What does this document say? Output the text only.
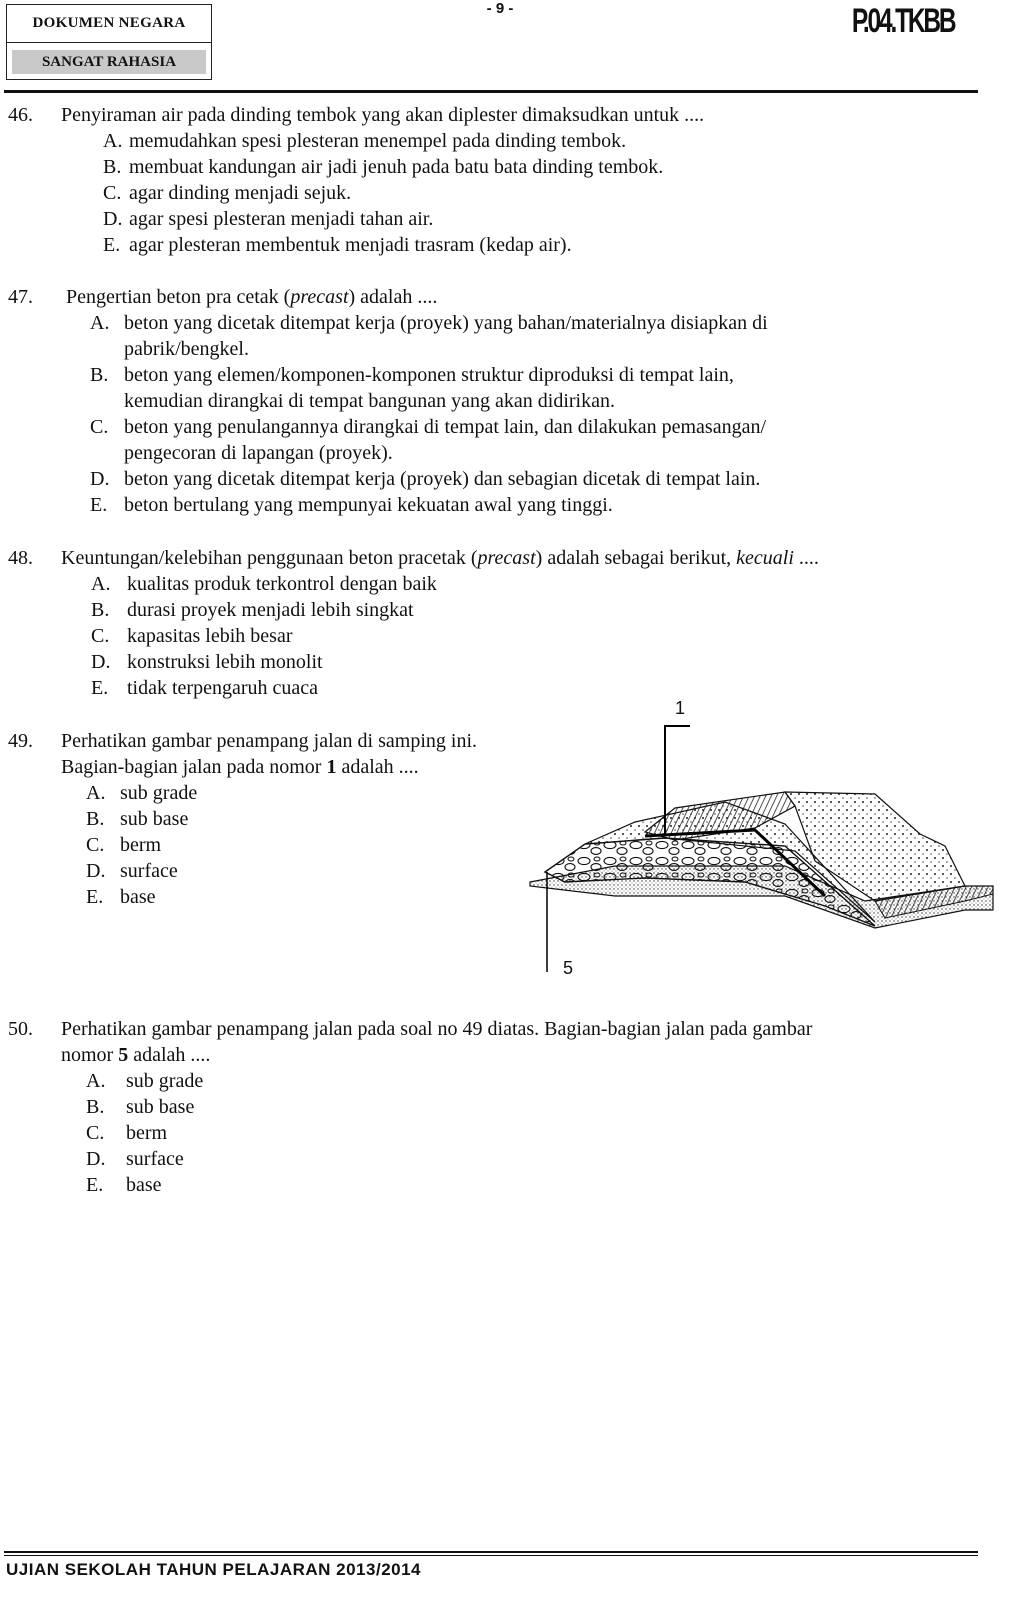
DOKUMEN NEGARA
SANGAT RAHASIA
- 9 -	P.04.TKBB
46. Penyiraman air pada dinding tembok yang akan diplester dimaksudkan untuk ....
A. memudahkan spesi plesteran menempel pada dinding tembok.
B. membuat kandungan air jadi jenuh pada batu bata dinding tembok.
C. agar dinding menjadi sejuk.
D. agar spesi plesteran menjadi tahan air.
E. agar plesteran membentuk menjadi trasram (kedap air).
47. Pengertian beton pra cetak (precast) adalah ....
A. beton yang dicetak ditempat kerja (proyek) yang bahan/materialnya disiapkan di
pabrik/bengkel.
B. beton yang elemen/komponen-komponen struktur diproduksi di tempat lain,
kemudian dirangkai di tempat bangunan yang akan didirikan.
C. beton yang penulangannya dirangkai di tempat lain, dan dilakukan pemasangan/
pengecoran di lapangan (proyek).
D. beton yang dicetak ditempat kerja (proyek) dan sebagian dicetak di tempat lain.
E. beton bertulang yang mempunyai kekuatan awal yang tinggi.
48. Keuntungan/kelebihan penggunaan beton pracetak (precast) adalah sebagai berikut, kecuali ....
A. kualitas produk terkontrol dengan baik
B. durasi proyek menjadi lebih singkat
C. kapasitas lebih besar
D. konstruksi lebih monolit
E. tidak terpengaruh cuaca
49. Perhatikan gambar penampang jalan di samping ini.
Bagian-bagian jalan pada nomor 1 adalah ....
A. sub grade
B. sub base
C. berm
D. surface
E. base
1
5
50. Perhatikan gambar penampang jalan pada soal no 49 diatas. Bagian-bagian jalan pada gambar
nomor 5 adalah ....
A. sub grade
B. sub base
C. berm
D. surface
E. base
UJIAN SEKOLAH TAHUN PELAJARAN 2013/2014
